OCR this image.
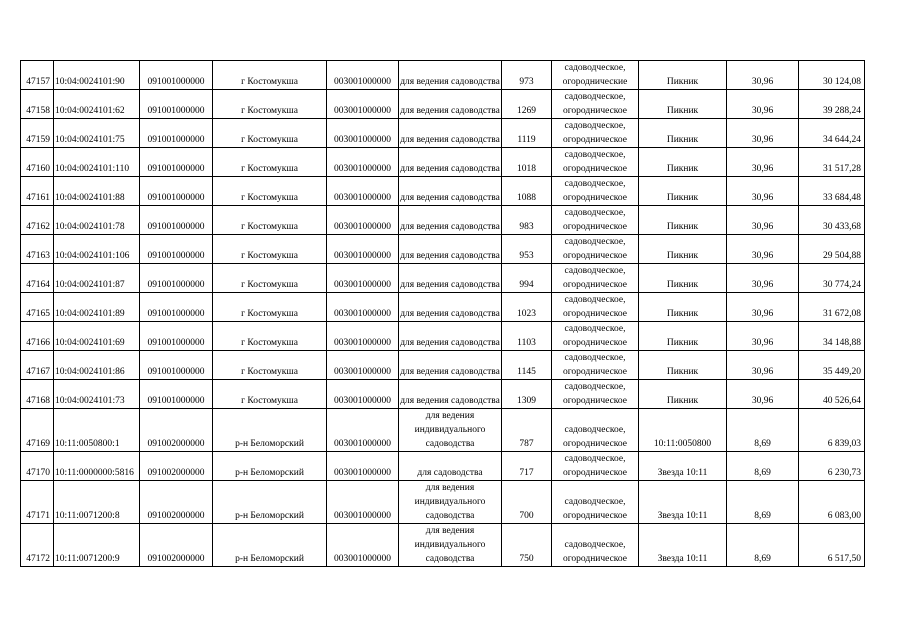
47157	10:04:0024101:90	091001000000	г Костомукша	003001000000	для ведения садоводства	973	садоводческое, огороднические	Пикник	30,96	30 124,08
47158	10:04:0024101:62	091001000000	г Костомукша	003001000000	для ведения садоводства	1269	садоводческое, огородническое	Пикник	30,96	39 288,24
47159	10:04:0024101:75	091001000000	г Костомукша	003001000000	для ведения садоводства	1119	садоводческое, огородническое	Пикник	30,96	34 644,24
47160	10:04:0024101:110	091001000000	г Костомукша	003001000000	для ведения садоводства	1018	садоводческое, огородническое	Пикник	30,96	31 517,28
47161	10:04:0024101:88	091001000000	г Костомукша	003001000000	для ведения садоводства	1088	садоводческое, огородническое	Пикник	30,96	33 684,48
47162	10:04:0024101:78	091001000000	г Костомукша	003001000000	для ведения садоводства	983	садоводческое, огородническое	Пикник	30,96	30 433,68
47163	10:04:0024101:106	091001000000	г Костомукша	003001000000	для ведения садоводства	953	садоводческое, огородническое	Пикник	30,96	29 504,88
47164	10:04:0024101:87	091001000000	г Костомукша	003001000000	для ведения садоводства	994	садоводческое, огородническое	Пикник	30,96	30 774,24
47165	10:04:0024101:89	091001000000	г Костомукша	003001000000	для ведения садоводства	1023	садоводческое, огородническое	Пикник	30,96	31 672,08
47166	10:04:0024101:69	091001000000	г Костомукша	003001000000	для ведения садоводства	1103	садоводческое, огородническое	Пикник	30,96	34 148,88
47167	10:04:0024101:86	091001000000	г Костомукша	003001000000	для ведения садоводства	1145	садоводческое, огородническое	Пикник	30,96	35 449,20
47168	10:04:0024101:73	091001000000	г Костомукша	003001000000	для ведения садоводства	1309	садоводческое, огородническое	Пикник	30,96	40 526,64
47169	10:11:0050800:1	091002000000	р-н Беломорский	003001000000	для ведения индивидуального садоводства	787	садоводческое, огородническое	10:11:0050800	8,69	6 839,03
47170	10:11:0000000:5816	091002000000	р-н Беломорский	003001000000	для садоводства	717	садоводческое, огородническое	Звезда 10:11	8,69	6 230,73
47171	10:11:0071200:8	091002000000	р-н Беломорский	003001000000	для ведения индивидуального садоводства	700	садоводческое, огородническое	Звезда 10:11	8,69	6 083,00
47172	10:11:0071200:9	091002000000	р-н Беломорский	003001000000	для ведения индивидуального садоводства	750	садоводческое, огородническое	Звезда 10:11	8,69	6 517,50
